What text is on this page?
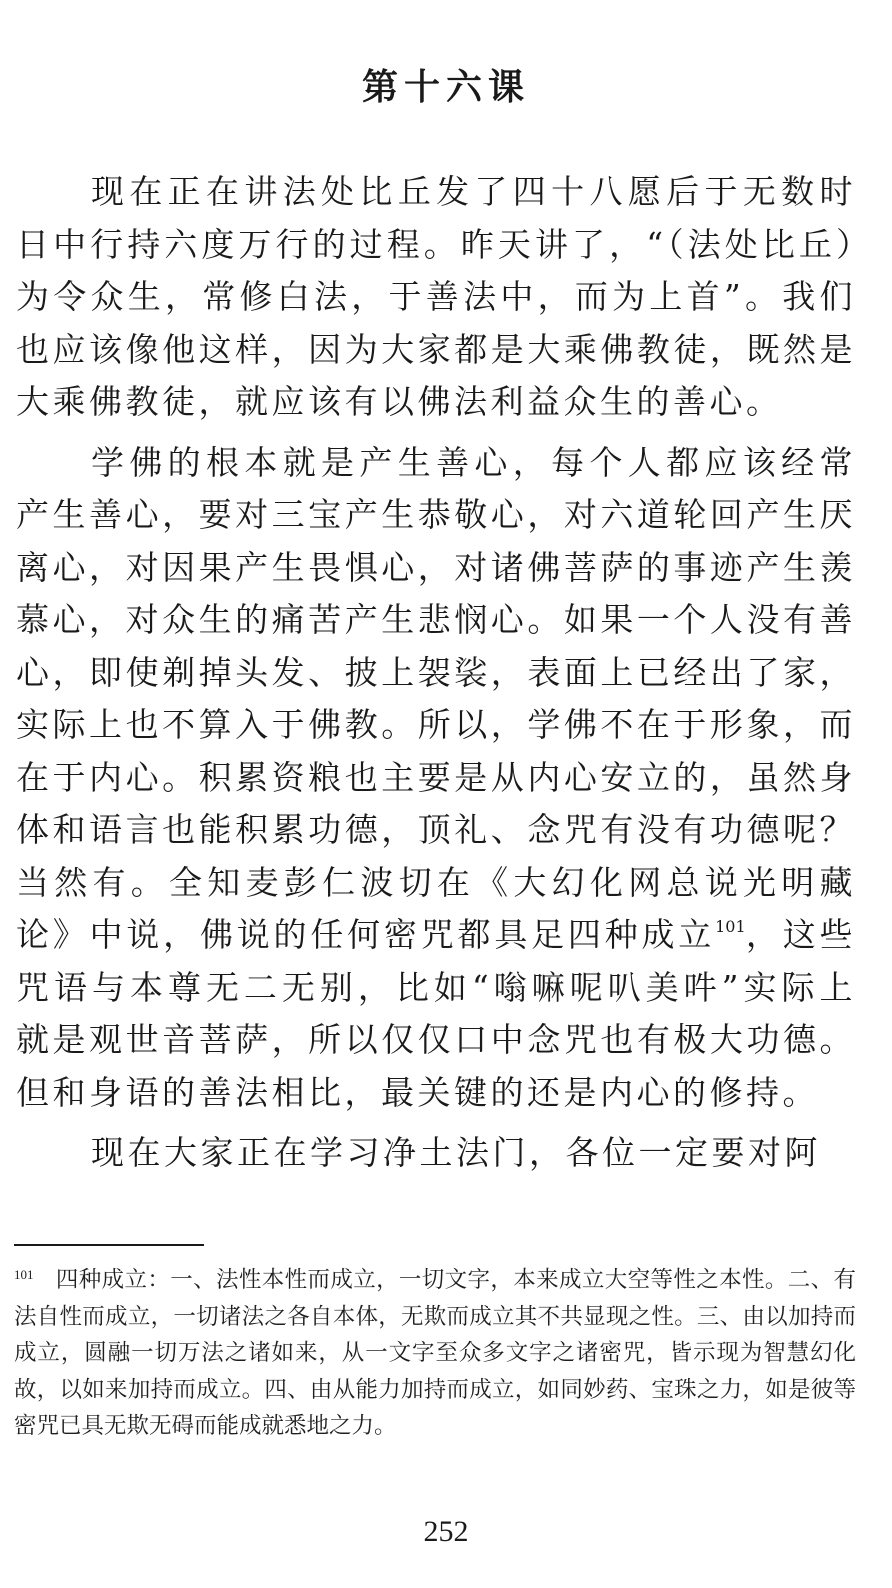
第十六课

现在正在讲法处比丘发了四十八愿后于无数时日中行持六度万行的过程。昨天讲了，“（法处比丘）为令众生，常修白法，于善法中，而为上首”。我们也应该像他这样，因为大家都是大乘佛教徒，既然是大乘佛教徒，就应该有以佛法利益众生的善心。

学佛的根本就是产生善心，每个人都应该经常产生善心，要对三宝产生恭敬心，对六道轮回产生厌离心，对因果产生畏惧心，对诸佛菩萨的事迹产生羡慕心，对众生的痛苦产生悲悯心。如果一个人没有善心，即使剃掉头发、披上袈裟，表面上已经出了家，实际上也不算入于佛教。所以，学佛不在于形象，而在于内心。积累资粮也主要是从内心安立的，虽然身体和语言也能积累功德，顶礼、念咒有没有功德呢？当然有。全知麦彭仁波切在《大幻化网总说光明藏论》中说，佛说的任何密咒都具足四种成立$^{101}$，这些咒语与本尊无二无别，比如“嗡嘛呢叭美吽”实际上就是观世音菩萨，所以仅仅口中念咒也有极大功德。但和身语的善法相比，最关键的还是内心的修持。

现在大家正在学习净土法门，各位一定要对阿

$^{101}$ 四种成立：一、法性本性而成立，一切文字，本来成立大空等性之本性。二、有法自性而成立，一切诸法之各自本体，无欺而成立其不共显现之性。三、由以加持而成立，圆融一切万法之诸如来，从一文字至众多文字之诸密咒，皆示现为智慧幻化故，以如来加持而成立。四、由从能力加持而成立，如同妙药、宝珠之力，如是彼等密咒已具无欺无碍而能成就悉地之力。
252
